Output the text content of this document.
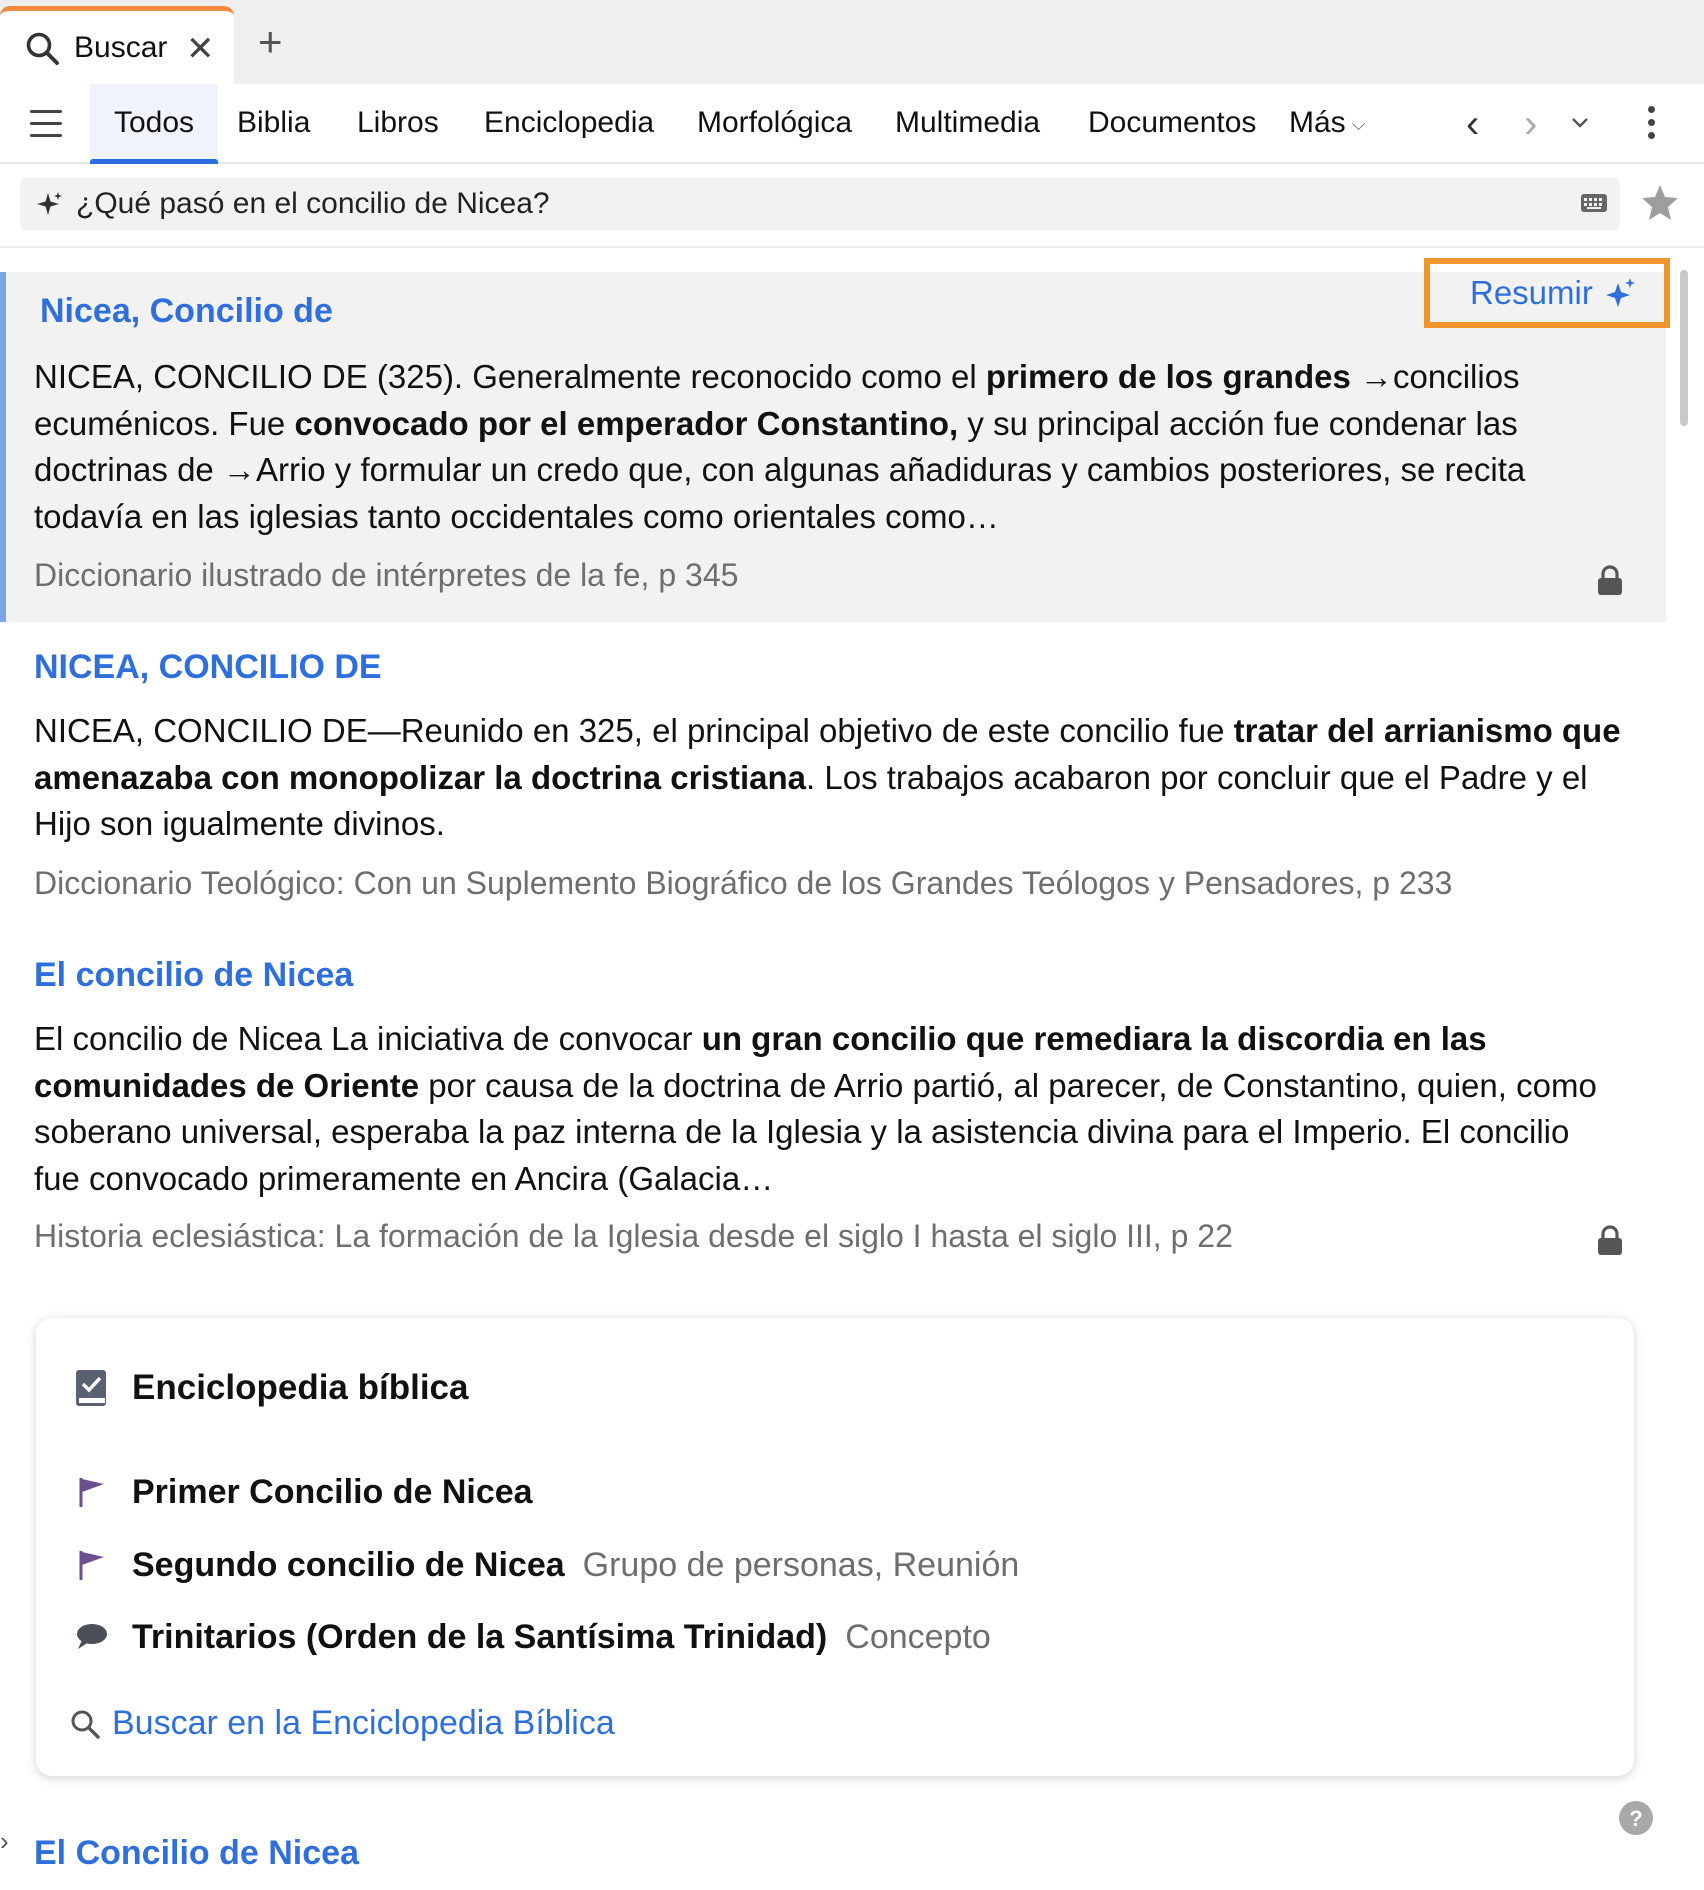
Buscar ✕ +
Todos	Biblia Libros Enciclopedia Morfológica Multimedia Documentos Más ⌵	‹ ›
¿Qué pasó en el concilio de Nicea?
Nicea, Concilio de
NICEA, CONCILIO DE (325). Generalmente reconocido como el primero de los grandes →concilios ecuménicos. Fue convocado por el emperador Constantino, y su principal acción fue condenar las doctrinas de →Arrio y formular un credo que, con algunas añadiduras y cambios posteriores, se recita todavía en las iglesias tanto occidentales como orientales como…
Diccionario ilustrado de intérpretes de la fe, p 345
Resumir
NICEA, CONCILIO DE
NICEA, CONCILIO DE—Reunido en 325, el principal objetivo de este concilio fue tratar del arrianismo que amenazaba con monopolizar la doctrina cristiana. Los trabajos acabaron por concluir que el Padre y el Hijo son igualmente divinos.
Diccionario Teológico: Con un Suplemento Biográfico de los Grandes Teólogos y Pensadores, p 233
El concilio de Nicea
El concilio de Nicea La iniciativa de convocar un gran concilio que remediara la discordia en las comunidades de Oriente por causa de la doctrina de Arrio partió, al parecer, de Constantino, quien, como soberano universal, esperaba la paz interna de la Iglesia y la asistencia divina para el Imperio. El concilio fue convocado primeramente en Ancira (Galacia…
Historia eclesiástica: La formación de la Iglesia desde el siglo I hasta el siglo III, p 22
Enciclopedia bíblica
Primer Concilio de Nicea
Segundo concilio de Nicea Grupo de personas, Reunión
Trinitarios (Orden de la Santísima Trinidad) Concepto
Buscar en la Enciclopedia Bíblica
El Concilio de Nicea
?
›
